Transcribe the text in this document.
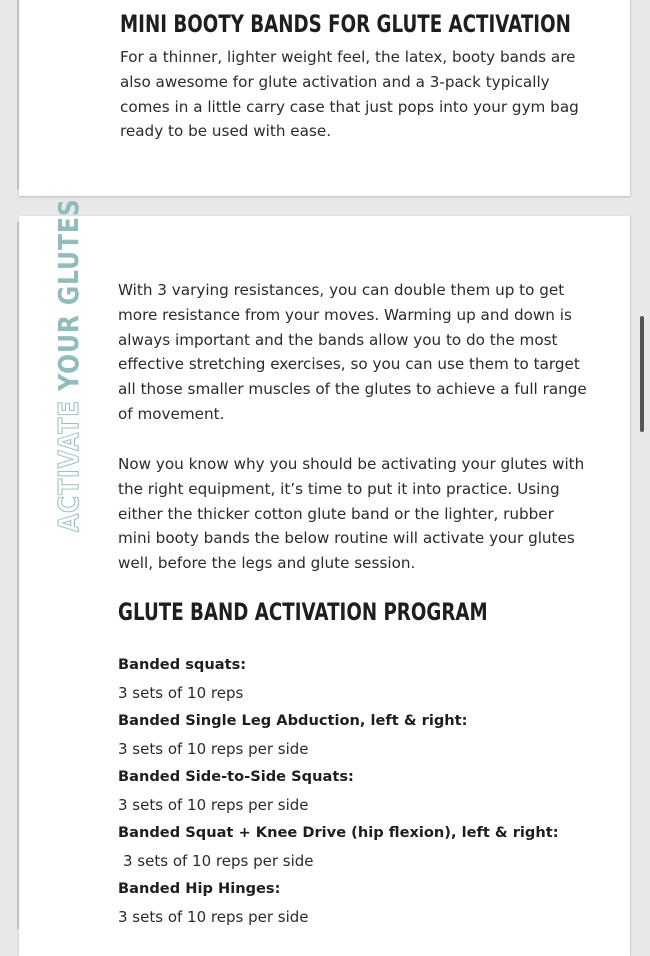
MINI BOOTY BANDS FOR GLUTE ACTIVATION

For a thinner, lighter weight feel, the latex, booty bands are also awesome for glute activation and a 3-pack typically comes in a little carry case that just pops into your gym bag ready to be used with ease.

With 3 varying resistances, you can double them up to get more resistance from your moves. Warming up and down is always important and the bands allow you to do the most effective stretching exercises, so you can use them to target all those smaller muscles of the glutes to achieve a full range of movement.

Now you know why you should be activating your glutes with the right equipment, it’s time to put it into practice. Using either the thicker cotton glute band or the lighter, rubber mini booty bands the below routine will activate your glutes well, before the legs and glute session.

GLUTE BAND ACTIVATION PROGRAM
Banded squats:
3 sets of 10 reps
Banded Single Leg Abduction, left & right:
3 sets of 10 reps per side
Banded Side-to-Side Squats:
3 sets of 10 reps per side
Banded Squat + Knee Drive (hip flexion), left & right:
3 sets of 10 reps per side
Banded Hip Hinges:
3 sets of 10 reps per side
ACTIVATE YOUR GLUTES
